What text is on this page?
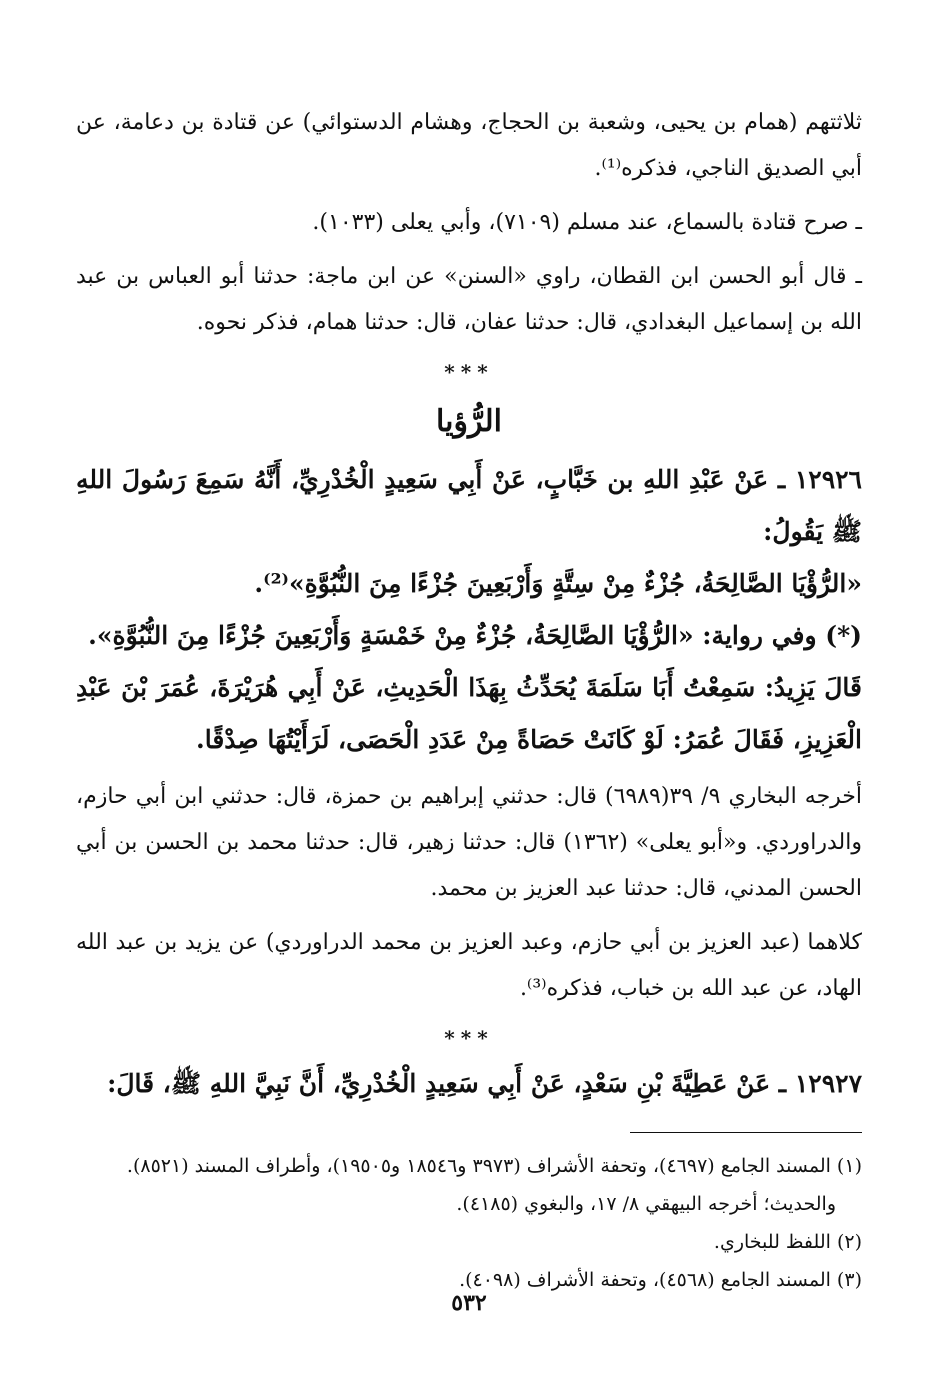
ثلاثتهم (همام بن يحيى، وشعبة بن الحجاج، وهشام الدستوائي) عن قتادة بن دعامة، عن أبي الصديق الناجي، فذكره⁽¹⁾.

ـ صرح قتادة بالسماع، عند مسلم (٧١٠٩)، وأبي يعلى (١٠٣٣).

ـ قال أبو الحسن ابن القطان، راوي «السنن» عن ابن ماجة: حدثنا أبو العباس بن عبد الله بن إسماعيل البغدادي، قال: حدثنا عفان، قال: حدثنا همام، فذكر نحوه.

***
الرُّؤيا

١٢٩٢٦ ـ عَنْ عَبْدِ اللهِ بن خَبَّابٍ، عَنْ أَبِي سَعِيدٍ الْخُدْرِيِّ، أَنَّهُ سَمِعَ رَسُولَ اللهِ ﷺ يَقُولُ:

«الرُّؤْيَا الصَّالِحَةُ، جُزْءٌ مِنْ سِتَّةٍ وَأَرْبَعِينَ جُزْءًا مِنَ النُّبُوَّةِ»⁽²⁾.

(*) وفي رواية: «الرُّؤْيَا الصَّالِحَةُ، جُزْءٌ مِنْ خَمْسَةٍ وَأَرْبَعِينَ جُزْءًا مِنَ النُّبُوَّةِ».

قَالَ يَزِيدُ: سَمِعْتُ أَبَا سَلَمَةَ يُحَدِّثُ بِهَذَا الْحَدِيثِ، عَنْ أَبِي هُرَيْرَةَ، عُمَرَ بْنَ عَبْدِ الْعَزِيزِ، فَقَالَ عُمَرُ: لَوْ كَانَتْ حَصَاةً مِنْ عَدَدِ الْحَصَى، لَرَأَيْتُهَا صِدْقًا.

أخرجه البخاري ٩/ ٣٩(٦٩٨٩) قال: حدثني إبراهيم بن حمزة، قال: حدثني ابن أبي حازم، والدراوردي. و«أبو يعلى» (١٣٦٢) قال: حدثنا زهير، قال: حدثنا محمد بن الحسن بن أبي الحسن المدني، قال: حدثنا عبد العزيز بن محمد.

كلاهما (عبد العزيز بن أبي حازم، وعبد العزيز بن محمد الدراوردي) عن يزيد بن عبد الله الهاد، عن عبد الله بن خباب، فذكره⁽³⁾.

***

١٢٩٢٧ ـ عَنْ عَطِيَّةَ بْنِ سَعْدٍ، عَنْ أَبِي سَعِيدٍ الْخُدْرِيِّ، أَنَّ نَبِيَّ اللهِ ﷺ، قَالَ:

(١) المسند الجامع (٤٦٩٧)، وتحفة الأشراف (٣٩٧٣ و١٨٥٤٦ و١٩٥٠٥)، وأطراف المسند (٨٥٢١).

والحديث؛ أخرجه البيهقي ٨/ ١٧، والبغوي (٤١٨٥).

(٢) اللفظ للبخاري.

(٣) المسند الجامع (٤٥٦٨)، وتحفة الأشراف (٤٠٩٨).

٥٣٢
